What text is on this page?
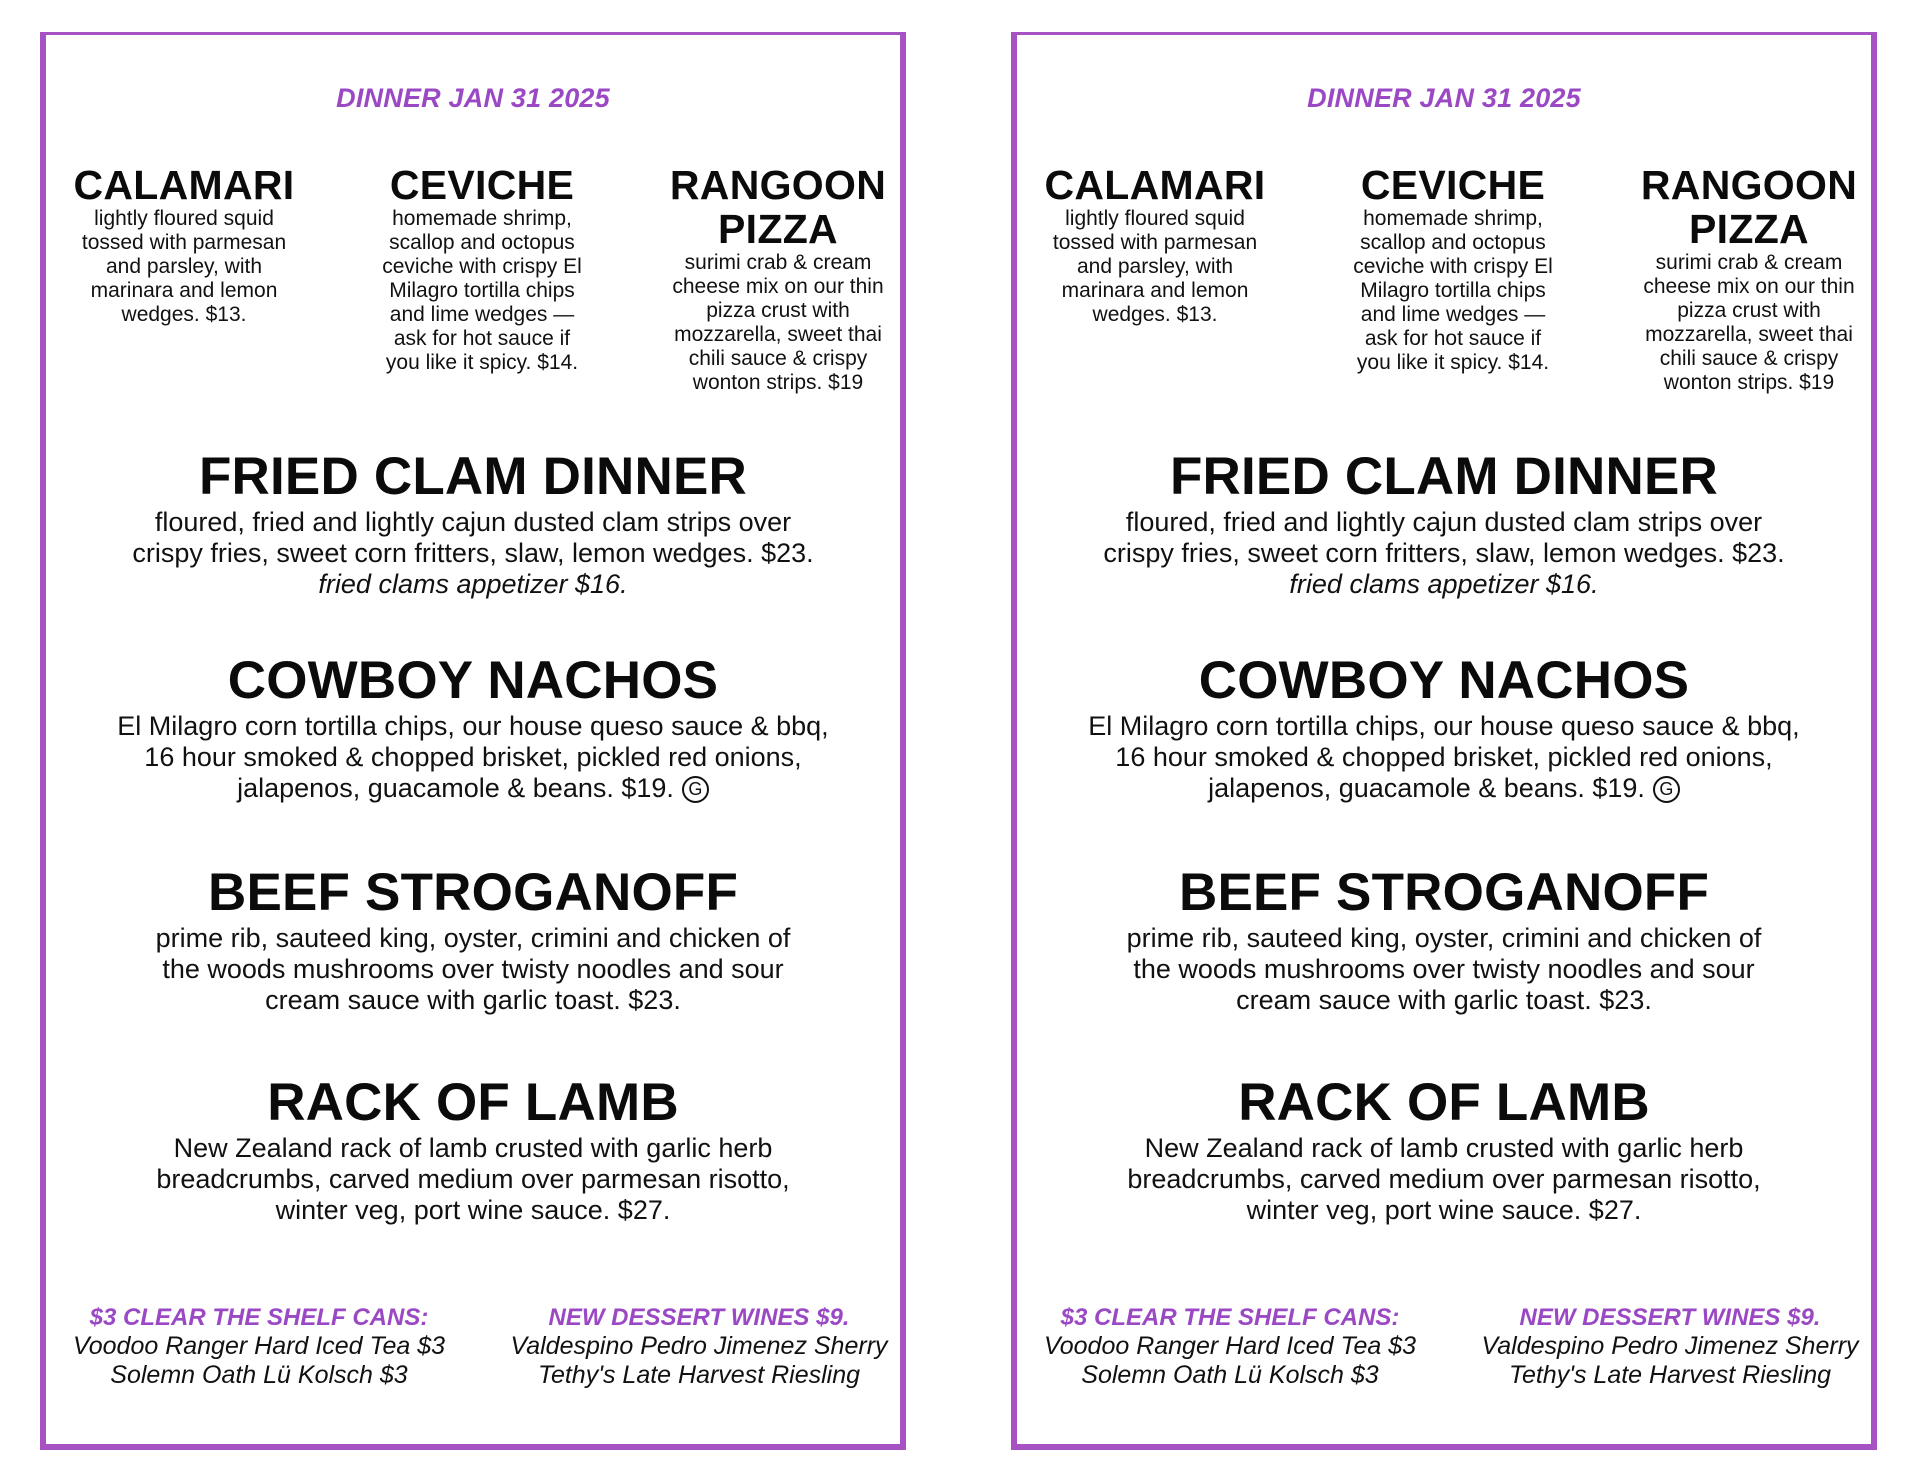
DINNER JAN 31 2025
CALAMARI
lightly floured squid
tossed with parmesan
and parsley, with
marinara and lemon
wedges. $13.
CEVICHE
homemade shrimp,
scallop and octopus
ceviche with crispy El
Milagro tortilla chips
and lime wedges —
ask for hot sauce if
you like it spicy. $14.
RANGOON
PIZZA
surimi crab & cream
cheese mix on our thin
pizza crust with
mozzarella, sweet thai
chili sauce & crispy
wonton strips. $19
FRIED CLAM DINNER
floured, fried and lightly cajun dusted clam strips over
crispy fries, sweet corn fritters, slaw, lemon wedges. $23.
fried clams appetizer $16.
COWBOY NACHOS
El Milagro corn tortilla chips, our house queso sauce & bbq,
16 hour smoked & chopped brisket, pickled red onions,
jalapenos, guacamole & beans. $19. G
BEEF STROGANOFF
prime rib, sauteed king, oyster, crimini and chicken of
the woods mushrooms over twisty noodles and sour
cream sauce with garlic toast. $23.
RACK OF LAMB
New Zealand rack of lamb crusted with garlic herb
breadcrumbs, carved medium over parmesan risotto,
winter veg, port wine sauce. $27.
$3 CLEAR THE SHELF CANS:
Voodoo Ranger Hard Iced Tea $3
Solemn Oath Lü Kolsch $3
NEW DESSERT WINES $9.
Valdespino Pedro Jimenez Sherry
Tethy's Late Harvest Riesling
DINNER JAN 31 2025
CALAMARI
lightly floured squid
tossed with parmesan
and parsley, with
marinara and lemon
wedges. $13.
CEVICHE
homemade shrimp,
scallop and octopus
ceviche with crispy El
Milagro tortilla chips
and lime wedges —
ask for hot sauce if
you like it spicy. $14.
RANGOON
PIZZA
surimi crab & cream
cheese mix on our thin
pizza crust with
mozzarella, sweet thai
chili sauce & crispy
wonton strips. $19
FRIED CLAM DINNER
floured, fried and lightly cajun dusted clam strips over
crispy fries, sweet corn fritters, slaw, lemon wedges. $23.
fried clams appetizer $16.
COWBOY NACHOS
El Milagro corn tortilla chips, our house queso sauce & bbq,
16 hour smoked & chopped brisket, pickled red onions,
jalapenos, guacamole & beans. $19. G
BEEF STROGANOFF
prime rib, sauteed king, oyster, crimini and chicken of
the woods mushrooms over twisty noodles and sour
cream sauce with garlic toast. $23.
RACK OF LAMB
New Zealand rack of lamb crusted with garlic herb
breadcrumbs, carved medium over parmesan risotto,
winter veg, port wine sauce. $27.
$3 CLEAR THE SHELF CANS:
Voodoo Ranger Hard Iced Tea $3
Solemn Oath Lü Kolsch $3
NEW DESSERT WINES $9.
Valdespino Pedro Jimenez Sherry
Tethy's Late Harvest Riesling
